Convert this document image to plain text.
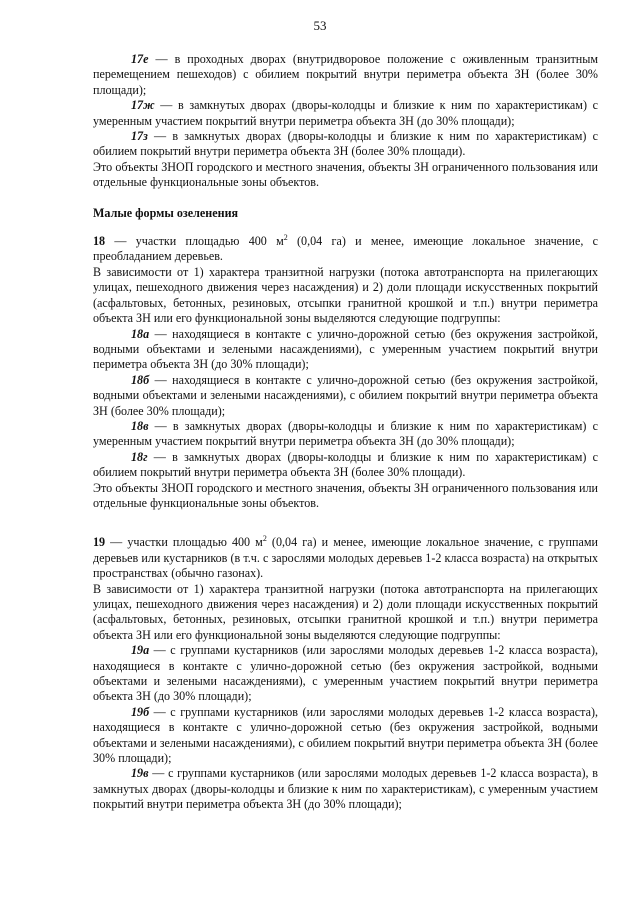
53

17е — в проходных дворах (внутридворовое положение с оживленным транзитным перемещением пешеходов) с обилием покрытий внутри периметра объекта ЗН (более 30% площади);

17ж — в замкнутых дворах (дворы-колодцы и близкие к ним по характеристикам) с умеренным участием покрытий внутри периметра объекта ЗН (до 30% площади);

17з — в замкнутых дворах (дворы-колодцы и близкие к ним по характеристикам) с обилием покрытий внутри периметра объекта ЗН (более 30% площади).

Это объекты ЗНОП городского и местного значения, объекты ЗН ограниченного пользования или отдельные функциональные зоны объектов.

Малые формы озеленения

18 — участки площадью 400 $м^2$ (0,04 га) и менее, имеющие локальное значение, с преобладанием деревьев.

В зависимости от 1) характера транзитной нагрузки (потока автотранспорта на прилегающих улицах, пешеходного движения через насаждения) и 2) доли площади искусственных покрытий (асфальтовых, бетонных, резиновых, отсыпки гранитной крошкой и т.п.) внутри периметра объекта ЗН или его функциональной зоны выделяются следующие подгруппы:

18а — находящиеся в контакте с улично-дорожной сетью (без окружения застройкой, водными объектами и зелеными насаждениями), с умеренным участием покрытий внутри периметра объекта ЗН (до 30% площади);

18б — находящиеся в контакте с улично-дорожной сетью (без окружения застройкой, водными объектами и зелеными насаждениями), с обилием покрытий внутри периметра объекта ЗН (более 30% площади);

18в — в замкнутых дворах (дворы-колодцы и близкие к ним по характеристикам) с умеренным участием покрытий внутри периметра объекта ЗН (до 30% площади);

18г — в замкнутых дворах (дворы-колодцы и близкие к ним по характеристикам) с обилием покрытий внутри периметра объекта ЗН (более 30% площади).

Это объекты ЗНОП городского и местного значения, объекты ЗН ограниченного пользования или отдельные функциональные зоны объектов.

19 — участки площадью 400 $м^2$ (0,04 га) и менее, имеющие локальное значение, с группами деревьев или кустарников (в т.ч. с зарослями молодых деревьев 1-2 класса возраста) на открытых пространствах (обычно газонах).

В зависимости от 1) характера транзитной нагрузки (потока автотранспорта на прилегающих улицах, пешеходного движения через насаждения) и 2) доли площади искусственных покрытий (асфальтовых, бетонных, резиновых, отсыпки гранитной крошкой и т.п.) внутри периметра объекта ЗН или его функциональной зоны выделяются следующие подгруппы:

19а — с группами кустарников (или зарослями молодых деревьев 1-2 класса возраста), находящиеся в контакте с улично-дорожной сетью (без окружения застройкой, водными объектами и зелеными насаждениями), с умеренным участием покрытий внутри периметра объекта ЗН (до 30% площади);

19б — с группами кустарников (или зарослями молодых деревьев 1-2 класса возраста), находящиеся в контакте с улично-дорожной сетью (без окружения застройкой, водными объектами и зелеными насаждениями), с обилием покрытий внутри периметра объекта ЗН (более 30% площади);

19в — с группами кустарников (или зарослями молодых деревьев 1-2 класса возраста), в замкнутых дворах (дворы-колодцы и близкие к ним по характеристикам), с умеренным участием покрытий внутри периметра объекта ЗН (до 30% площади);
